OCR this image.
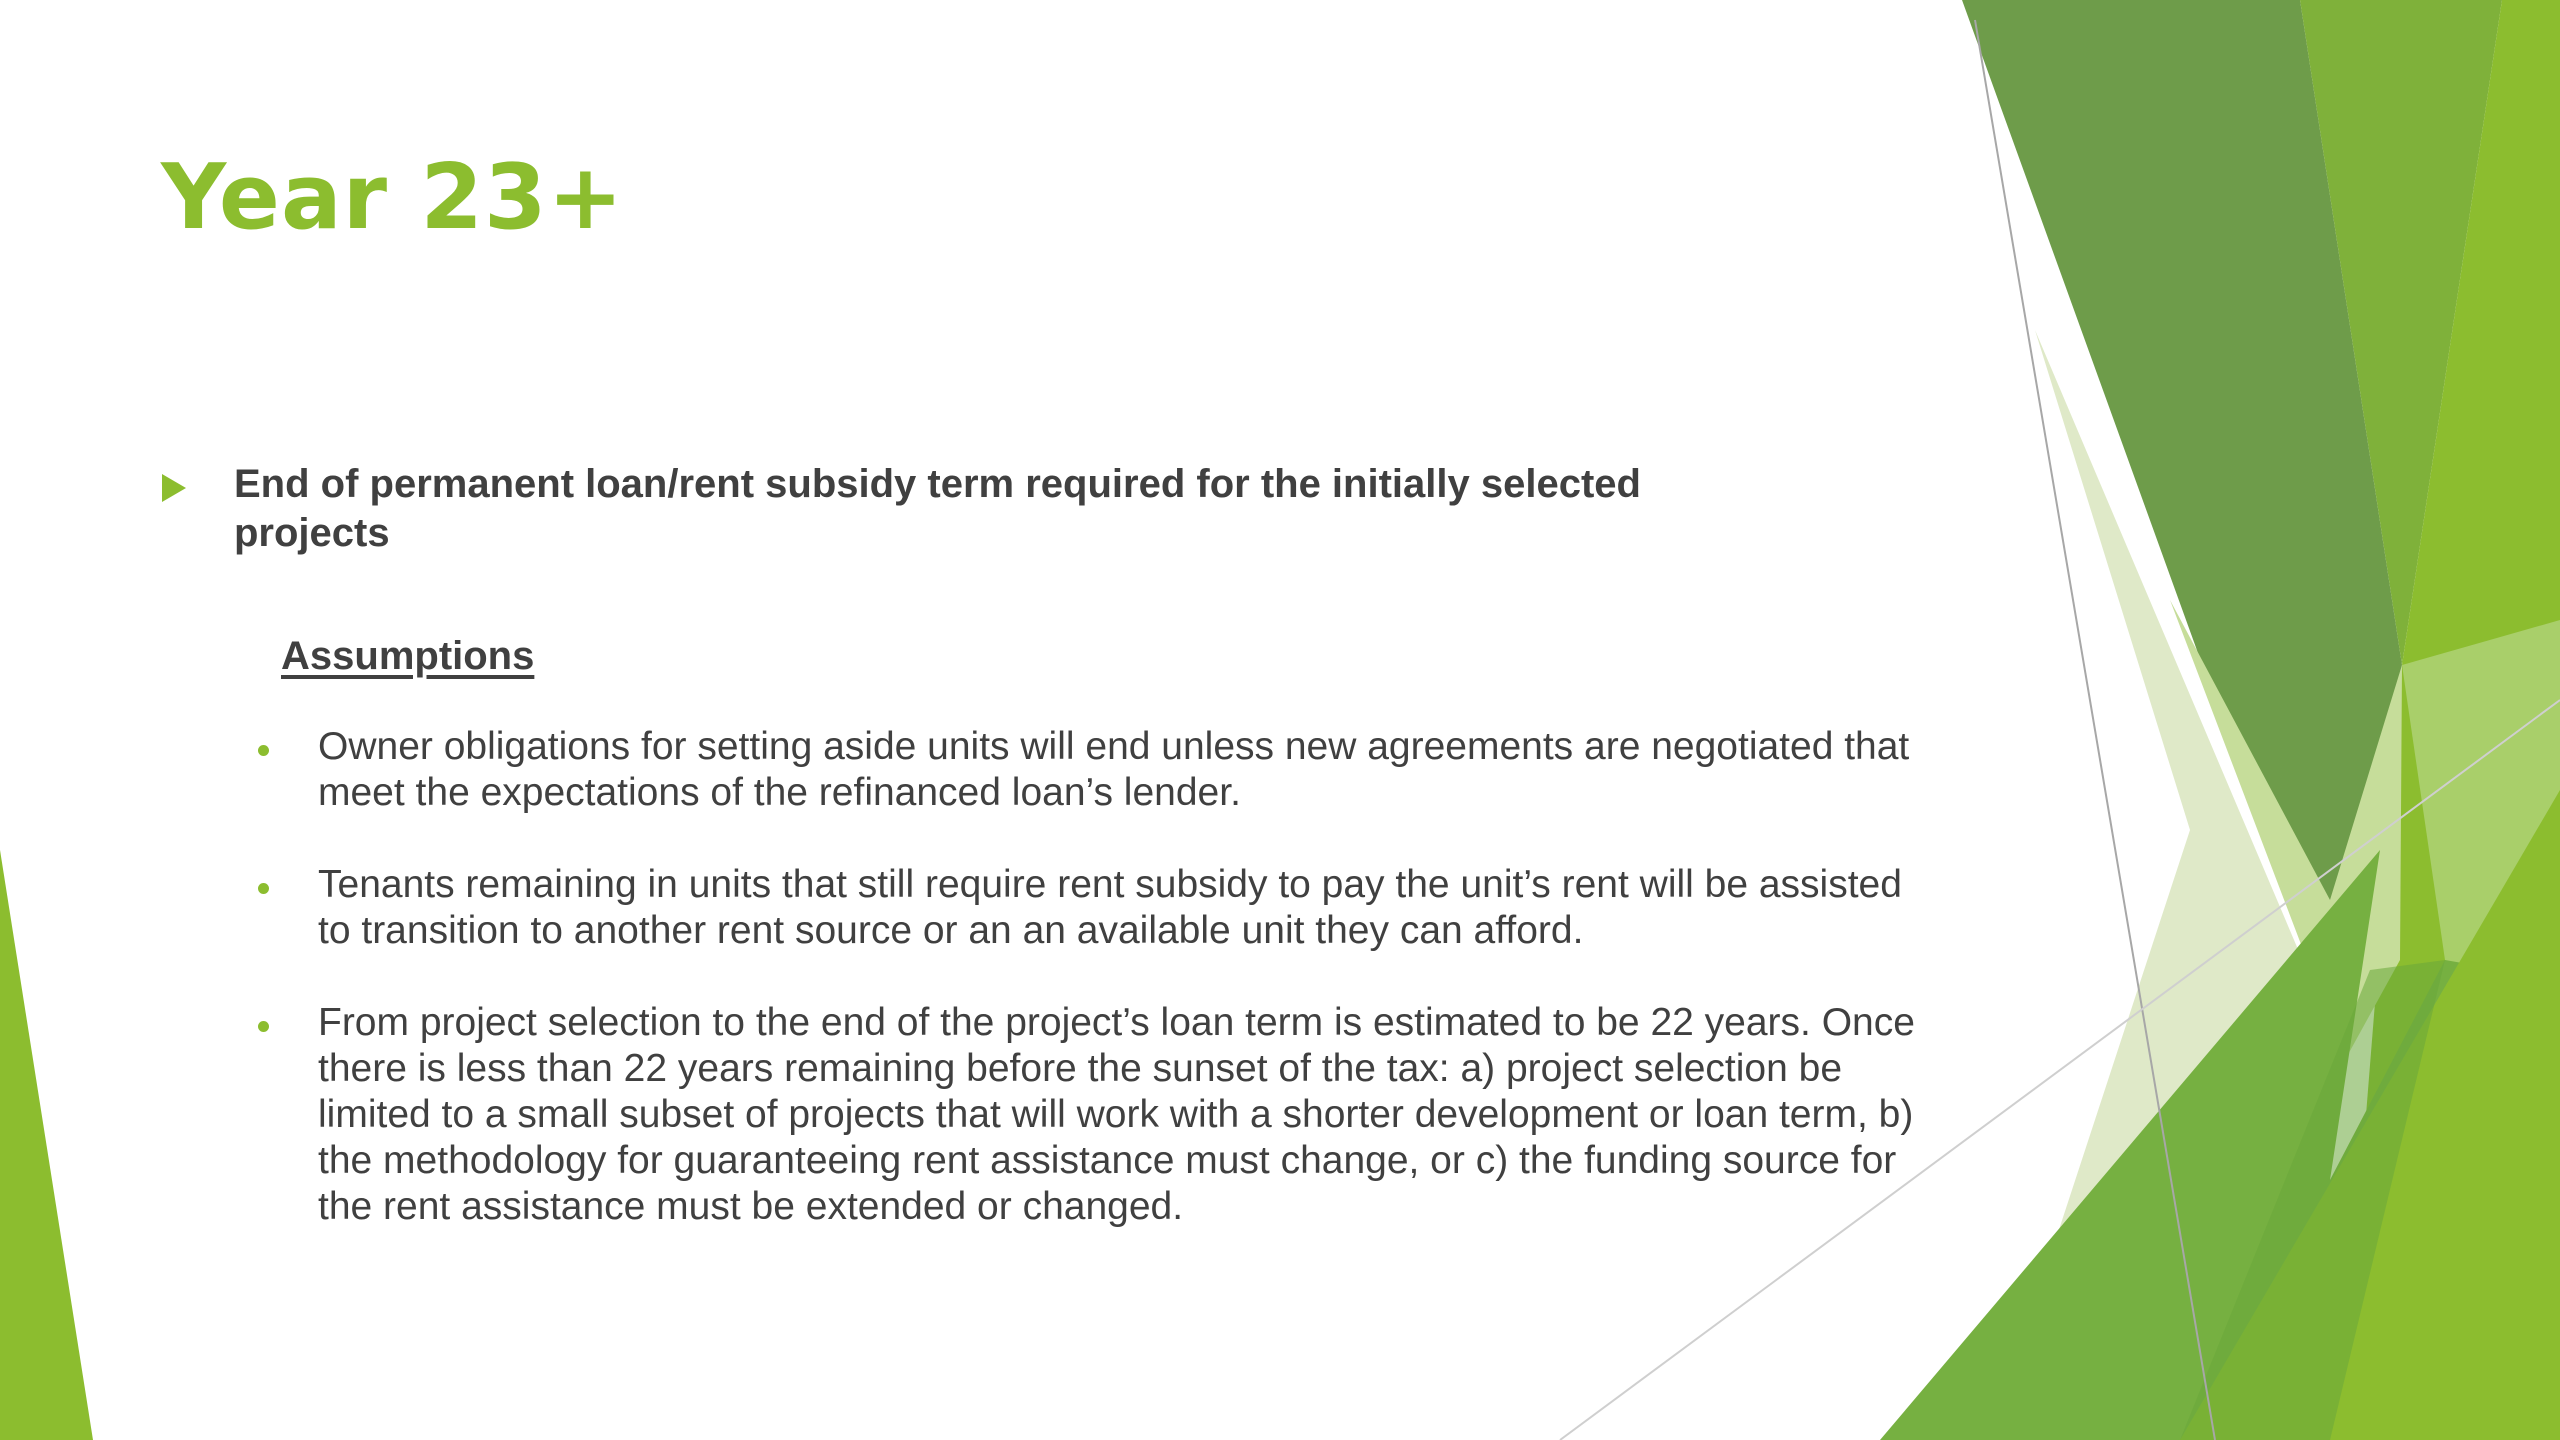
Year 23+
End of permanent loan/rent subsidy term required for the initially selected projects

Assumptions

Owner obligations for setting aside units will end unless new agreements are negotiated that meet the expectations of the refinanced loan’s lender.
Tenants remaining in units that still require rent subsidy to pay the unit’s rent will be assisted to transition to another rent source or an an available unit they can afford.
From project selection to the end of the project’s loan term is estimated to be 22 years. Once there is less than 22 years remaining before the sunset of the tax: a) project selection be limited to a small subset of projects that will work with a shorter development or loan term, b) the methodology for guaranteeing rent assistance must change, or c) the funding source for the rent assistance must be extended or changed.
